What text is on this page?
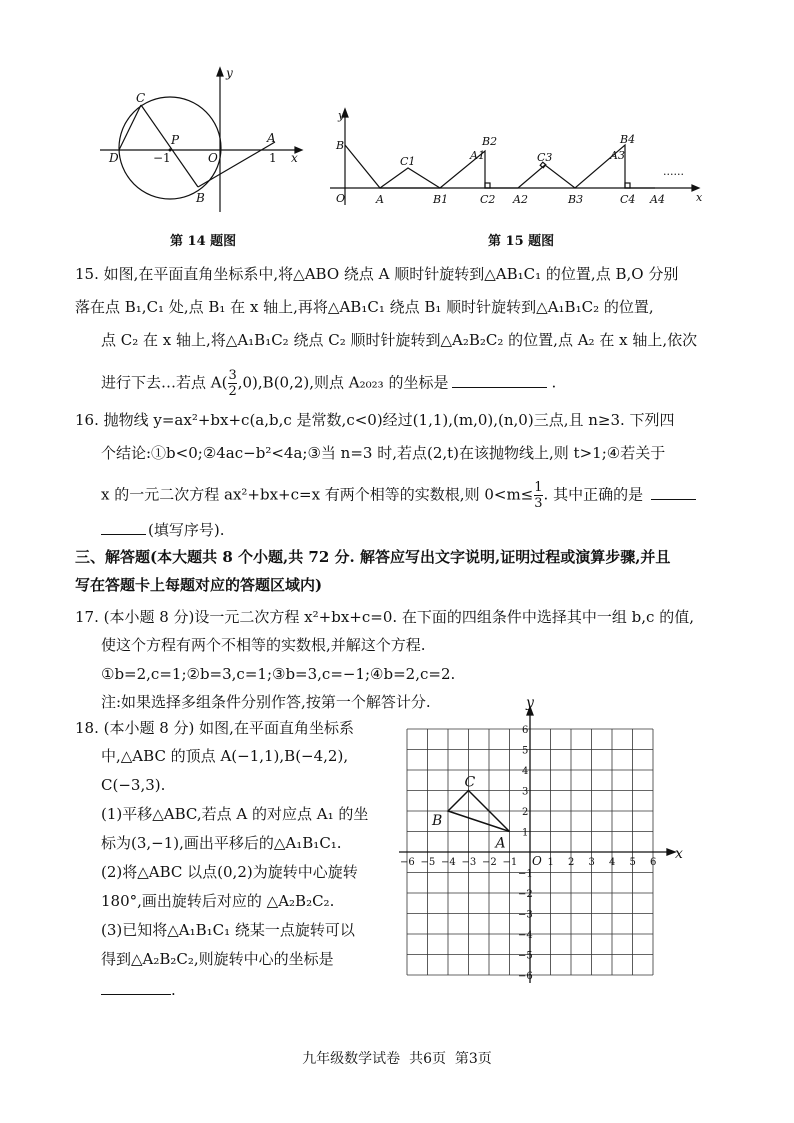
y
x
C
P
D	−1	O
A
1
B
第 14 题图
y
x
O
B
A
C1
B1
A1
B2
C2 A2
C3
B3
A3
B4
C4 A4
......
第 15 题图
15. 如图,在平面直角坐标系中,将△ABO 绕点 A 顺时针旋转到△AB₁C₁ 的位置,点 B,O 分别
落在点 B₁,C₁ 处,点 B₁ 在 x 轴上,再将△AB₁C₁ 绕点 B₁ 顺时针旋转到△A₁B₁C₂ 的位置,
点 C₂ 在 x 轴上,将△A₁B₁C₂ 绕点 C₂ 顺时针旋转到△A₂B₂C₂ 的位置,点 A₂ 在 x 轴上,依次
进行下去…若点 $A( \frac{3}{2} ,0),B(0,2)$,则点 A₂₀₂₃ 的坐标是	.
16. 抛物线 y=ax²+bx+c(a,b,c 是常数,c<0)经过(1,1),(m,0),(n,0)三点,且 n≥3. 下列四
个结论:①b<0;②4ac−b²<4a;③当 n=3 时,若点(2,t)在该抛物线上,则 t>1;④若关于
x 的一元二次方程 ax²+bx+c=x 有两个相等的实数根,则 $0<m\le \frac{1}{3}$ . 其中正确的是
(填写序号).
三、解答题(本大题共 8 个小题,共 72 分. 解答应写出文字说明,证明过程或演算步骤,并且
写在答题卡上每题对应的答题区域内)
17. (本小题 8 分)设一元二次方程 x²+bx+c=0. 在下面的四组条件中选择其中一组 b,c 的值,
使这个方程有两个不相等的实数根,并解这个方程.
①b=2,c=1;②b=3,c=1;③b=3,c=−1;④b=2,c=2.
注:如果选择多组条件分别作答,按第一个解答计分.
18. (本小题 8 分) 如图,在平面直角坐标系
中,△ABC 的顶点 A(−1,1),B(−4,2),
C(−3,3).
(1)平移△ABC,若点 A 的对应点 A₁ 的坐
标为(3,−1),画出平移后的△A₁B₁C₁.
(2)将△ABC 以点(0,2)为旋转中心旋转
180°,画出旋转后对应的 △A₂B₂C₂.
(3)已知将△A₁B₁C₁ 绕某一点旋转可以
得到△A₂B₂C₂,则旋转中心的坐标是
.
−6 −5 −4 −3 −2 −1	1 2 3 4 5 6
6
5
4
3
2
1
−1
−2
−3
−4
−5
−6
O
A
B
C
x
y
九年级数学试卷  共6页  第3页
